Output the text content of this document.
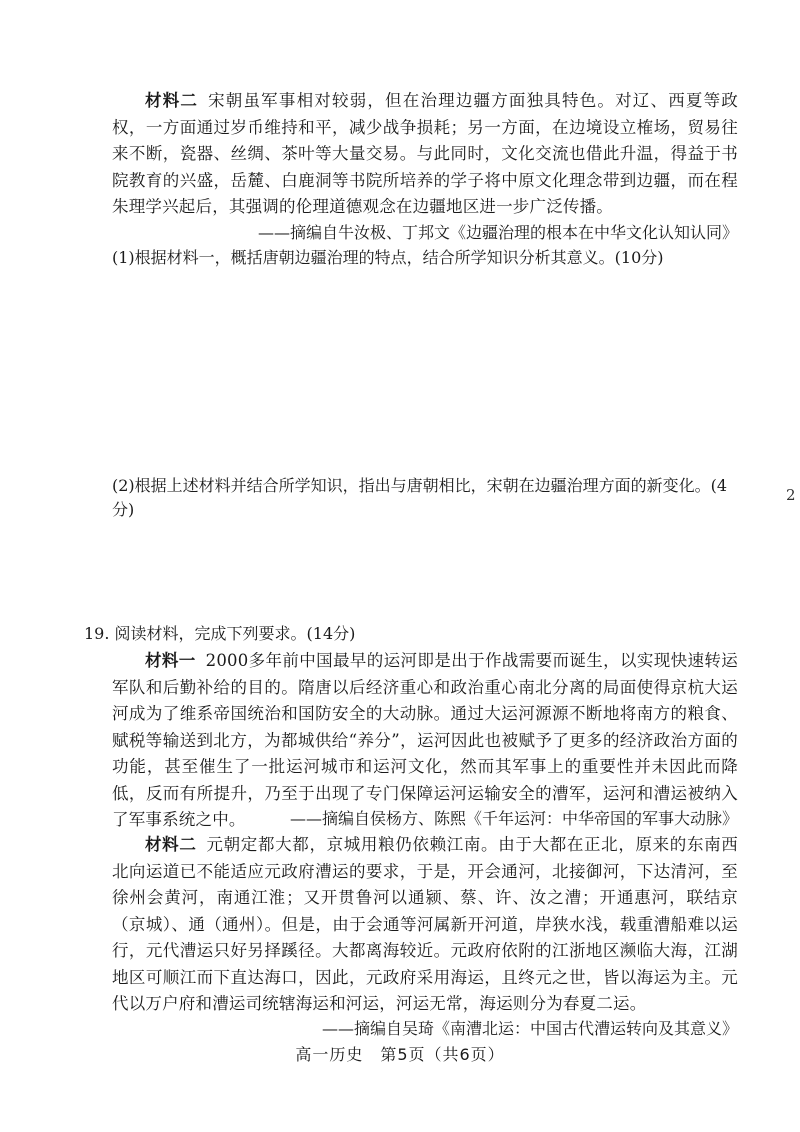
材料二 宋朝虽军事相对较弱，但在治理边疆方面独具特色。对辽、西夏等政权，一方面通过岁币维持和平，减少战争损耗；另一方面，在边境设立榷场，贸易往来不断，瓷器、丝绸、茶叶等大量交易。与此同时，文化交流也借此升温，得益于书院教育的兴盛，岳麓、白鹿洞等书院所培养的学子将中原文化理念带到边疆，而在程朱理学兴起后，其强调的伦理道德观念在边疆地区进一步广泛传播。
——摘编自牛汝极、丁邦文《边疆治理的根本在中华文化认知认同》
(1)根据材料一，概括唐朝边疆治理的特点，结合所学知识分析其意义。(10分)
(2)根据上述材料并结合所学知识，指出与唐朝相比，宋朝在边疆治理方面的新变化。(4分)
2
19. 阅读材料，完成下列要求。(14分)
材料一 2000多年前中国最早的运河即是出于作战需要而诞生，以实现快速转运军队和后勤补给的目的。隋唐以后经济重心和政治重心南北分离的局面使得京杭大运河成为了维系帝国统治和国防安全的大动脉。通过大运河源源不断地将南方的粮食、赋税等输送到北方，为都城供给“养分”，运河因此也被赋予了更多的经济政治方面的功能，甚至催生了一批运河城市和运河文化，然而其军事上的重要性并未因此而降低，反而有所提升，乃至于出现了专门保障运河运输安全的漕军，运河和漕运被纳入了军事系统之中。	——摘编自侯杨方、陈熙《千年运河：中华帝国的军事大动脉》
材料二 元朝定都大都，京城用粮仍依赖江南。由于大都在正北，原来的东南西北向运道已不能适应元政府漕运的要求，于是，开会通河，北接御河，下达清河，至徐州会黄河，南通江淮；又开贯鲁河以通颍、蔡、许、汝之漕；开通惠河，联结京（京城）、通（通州）。但是，由于会通等河属新开河道，岸狭水浅，载重漕船难以运行，元代漕运只好另择蹊径。大都离海较近。元政府依附的江浙地区濒临大海，江湖地区可顺江而下直达海口，因此，元政府采用海运，且终元之世，皆以海运为主。元代以万户府和漕运司统辖海运和河运，河运无常，海运则分为春夏二运。
——摘编自吴琦《南漕北运：中国古代漕运转向及其意义》
高一历史　第5页（共6页）
